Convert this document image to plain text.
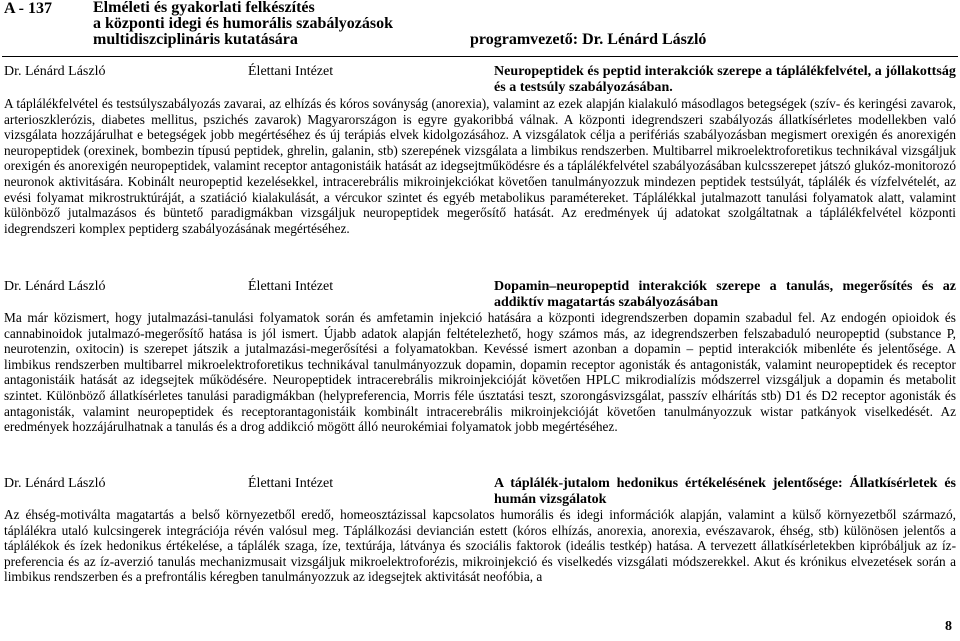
A - 137	Elméleti és gyakorlati felkészítés
a központi idegi és humorális szabályozások
multidiszciplináris kutatására	programvezető: Dr. Lénárd László
Dr. Lénárd László	Élettani Intézet	Neuropeptidek és peptid interakciók szerepe a táplálékfelvétel, a jóllakottság és a testsúly szabályozásában.

A táplálékfelvétel és testsúlyszabályozás zavarai, az elhízás és kóros soványság (anorexia), valamint az ezek alapján kialakuló másodlagos betegségek (szív- és keringési zavarok, arterioszklerózis, diabetes mellitus, pszichés zavarok) Magyarországon is egyre gyakoribbá válnak. A központi idegrendszeri szabályozás állatkísérletes modellekben való vizsgálata hozzájárulhat e betegségek jobb megértéséhez és új terápiás elvek kidolgozásához. A vizsgálatok célja a perifériás szabályozásban megismert orexigén és anorexigén neuropeptidek (orexinek, bombezin típusú peptidek, ghrelin, galanin, stb) szerepének vizsgálata a limbikus rendszerben. Multibarrel mikroelektroforetikus technikával vizsgáljuk orexigén és anorexigén neuropeptidek, valamint receptor antagonistáik hatását az idegsejtműködésre és a táplálékfelvétel szabályozásában kulcsszerepet játszó glukóz-monitorozó neuronok aktivitására. Kobinált neuropeptid kezelésekkel, intracerebrális mikroinjekciókat követően tanulmányozzuk mindezen peptidek testsúlyát, táplálék és vízfelvételét, az evési folyamat mikrostruktúráját, a szatiáció kialakulását, a vércukor szintet és egyéb metabolikus paramétereket. Táplálékkal jutalmazott tanulási folyamatok alatt, valamint különböző jutalmazásos és büntető paradigmákban vizsgáljuk neuropeptidek megerősítő hatását. Az eredmények új adatokat szolgáltatnak a táplálékfelvétel központi idegrendszeri komplex peptiderg szabályozásának megértéséhez.

Dr. Lénárd László	Élettani Intézet	Dopamin–neuropeptid interakciók szerepe a tanulás, megerősítés és az addiktív magatartás szabályozásában

Ma már közismert, hogy jutalmazási-tanulási folyamatok során és amfetamin injekció hatására a központi idegrendszerben dopamin szabadul fel. Az endogén opioidok és cannabinoidok jutalmazó-megerősítő hatása is jól ismert. Újabb adatok alapján feltételezhető, hogy számos más, az idegrendszerben felszabaduló neuropeptid (substance P, neurotenzin, oxitocin) is szerepet játszik a jutalmazási-megerősítési a folyamatokban. Kevéssé ismert azonban a dopamin – peptid interakciók mibenléte és jelentősége. A limbikus rendszerben multibarrel mikroelektroforetikus technikával tanulmányozzuk dopamin, dopamin receptor agonisták és antagonisták, valamint neuropeptidek és receptor antagonistáik hatását az idegsejtek működésére. Neuropeptidek intracerebrális mikroinjekcióját követően HPLC mikrodialízis módszerrel vizsgáljuk a dopamin és metabolit szintet. Különböző állatkísérletes tanulási paradigmákban (helypreferencia, Morris féle úsztatási teszt, szorongásvizsgálat, passzív elhárítás stb) D1 és D2 receptor agonisták és antagonisták, valamint neuropeptidek és receptorantagonistáik kombinált intracerebrális mikroinjekcióját követően tanulmányozzuk wistar patkányok viselkedését. Az eredmények hozzájárulhatnak a tanulás és a drog addikció mögött álló neurokémiai folyamatok jobb megértéséhez.

Dr. Lénárd László	Élettani Intézet	A táplálék-jutalom hedonikus értékelésének jelentősége: Állatkísérletek és humán vizsgálatok

Az éhség-motiválta magatartás a belső környezetből eredő, homeosztázissal kapcsolatos humorális és idegi információk alapján, valamint a külső környezetből származó, táplálékra utaló kulcsingerek integrációja révén valósul meg. Táplálkozási deviancián estett (kóros elhízás, anorexia, anorexia, evészavarok, éhség, stb) különösen jelentős a táplálékok és ízek hedonikus értékelése, a táplálék szaga, íze, textúrája, látványa és szociális faktorok (ideális testkép) hatása. A tervezett állatkísérletekben kipróbáljuk az íz-preferencia és az íz-averzió tanulás mechanizmusait vizsgáljuk mikroelektroforézis, mikroinjekció és viselkedés vizsgálati módszerekkel. Akut és krónikus elvezetések során a limbikus rendszerben és a prefrontális kéregben tanulmányozzuk az idegsejtek aktivitását neofóbia, a

8
